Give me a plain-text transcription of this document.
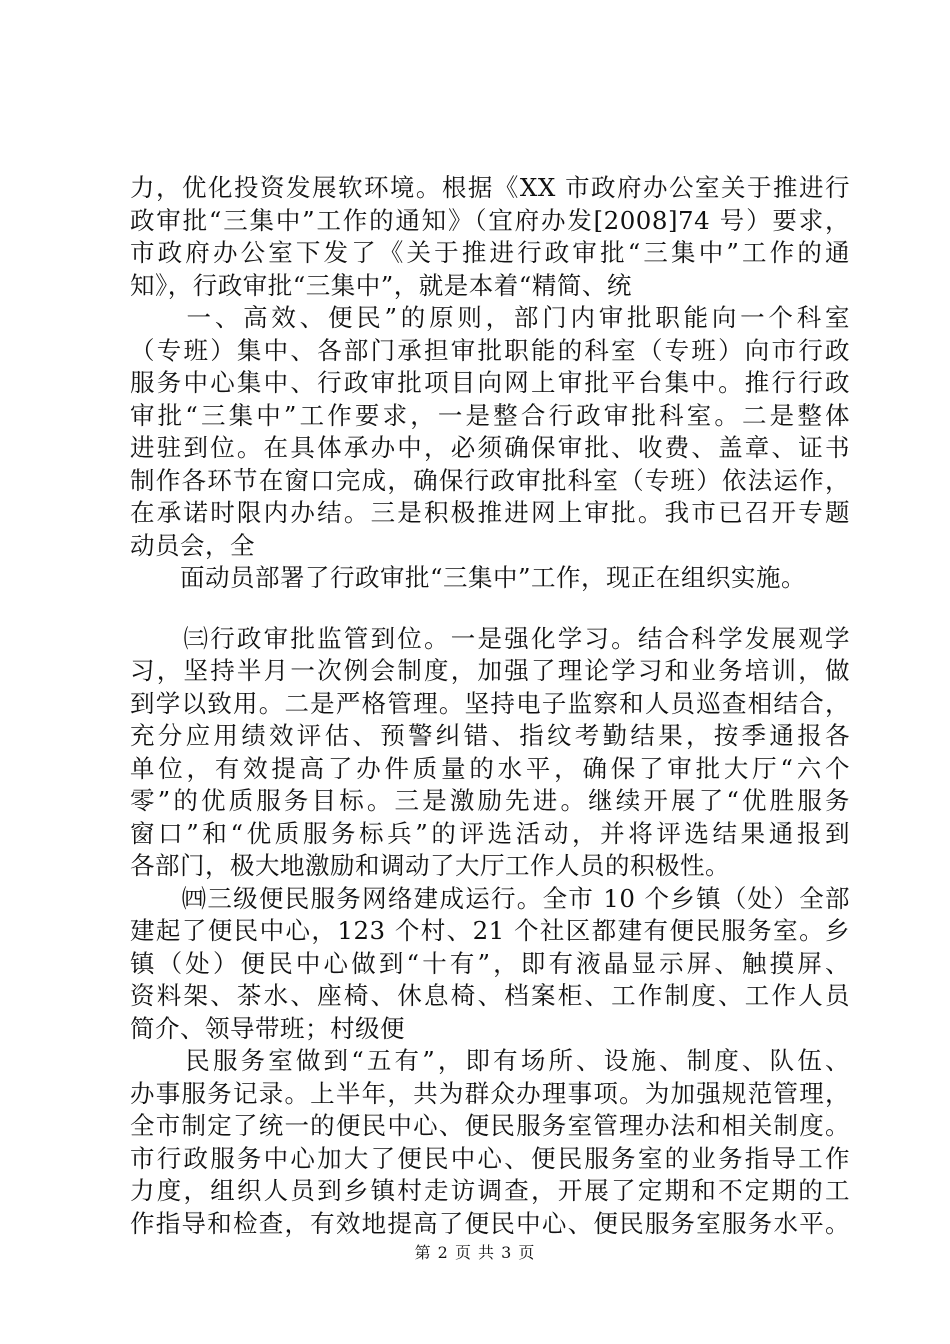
力，优化投资发展软环境。根据《XX 市政府办公室关于推进行
政审批“三集中”工作的通知》（宜府办发[2008]74 号）要求，
市政府办公室下发了《关于推进行政审批“三集中”工作的通
知》，行政审批“三集中”，就是本着“精简、统
　　一、高效、便民”的原则，部门内审批职能向一个科室
（专班）集中、各部门承担审批职能的科室（专班）向市行政
服务中心集中、行政审批项目向网上审批平台集中。推行行政
审批“三集中”工作要求，一是整合行政审批科室。二是整体
进驻到位。在具体承办中，必须确保审批、收费、盖章、证书
制作各环节在窗口完成，确保行政审批科室（专班）依法运作，
在承诺时限内办结。三是积极推进网上审批。我市已召开专题
动员会，全
　　面动员部署了行政审批“三集中”工作，现正在组织实施。
　　㈢行政审批监管到位。一是强化学习。结合科学发展观学
习，坚持半月一次例会制度，加强了理论学习和业务培训，做
到学以致用。二是严格管理。坚持电子监察和人员巡查相结合，
充分应用绩效评估、预警纠错、指纹考勤结果，按季通报各
单位，有效提高了办件质量的水平，确保了审批大厅“六个
零”的优质服务目标。三是激励先进。继续开展了“优胜服务
窗口”和“优质服务标兵”的评选活动，并将评选结果通报到
各部门，极大地激励和调动了大厅工作人员的积极性。
　　㈣三级便民服务网络建成运行。全市 10 个乡镇（处）全部
建起了便民中心，123 个村、21 个社区都建有便民服务室。乡
镇（处）便民中心做到“十有”，即有液晶显示屏、触摸屏、
资料架、茶水、座椅、休息椅、档案柜、工作制度、工作人员
简介、领导带班；村级便
　　民服务室做到“五有”，即有场所、设施、制度、队伍、
办事服务记录。上半年，共为群众办理事项。为加强规范管理，
全市制定了统一的便民中心、便民服务室管理办法和相关制度。
市行政服务中心加大了便民中心、便民服务室的业务指导工作
力度，组织人员到乡镇村走访调查，开展了定期和不定期的工
作指导和检查，有效地提高了便民中心、便民服务室服务水平。
第 2 页 共 3 页
